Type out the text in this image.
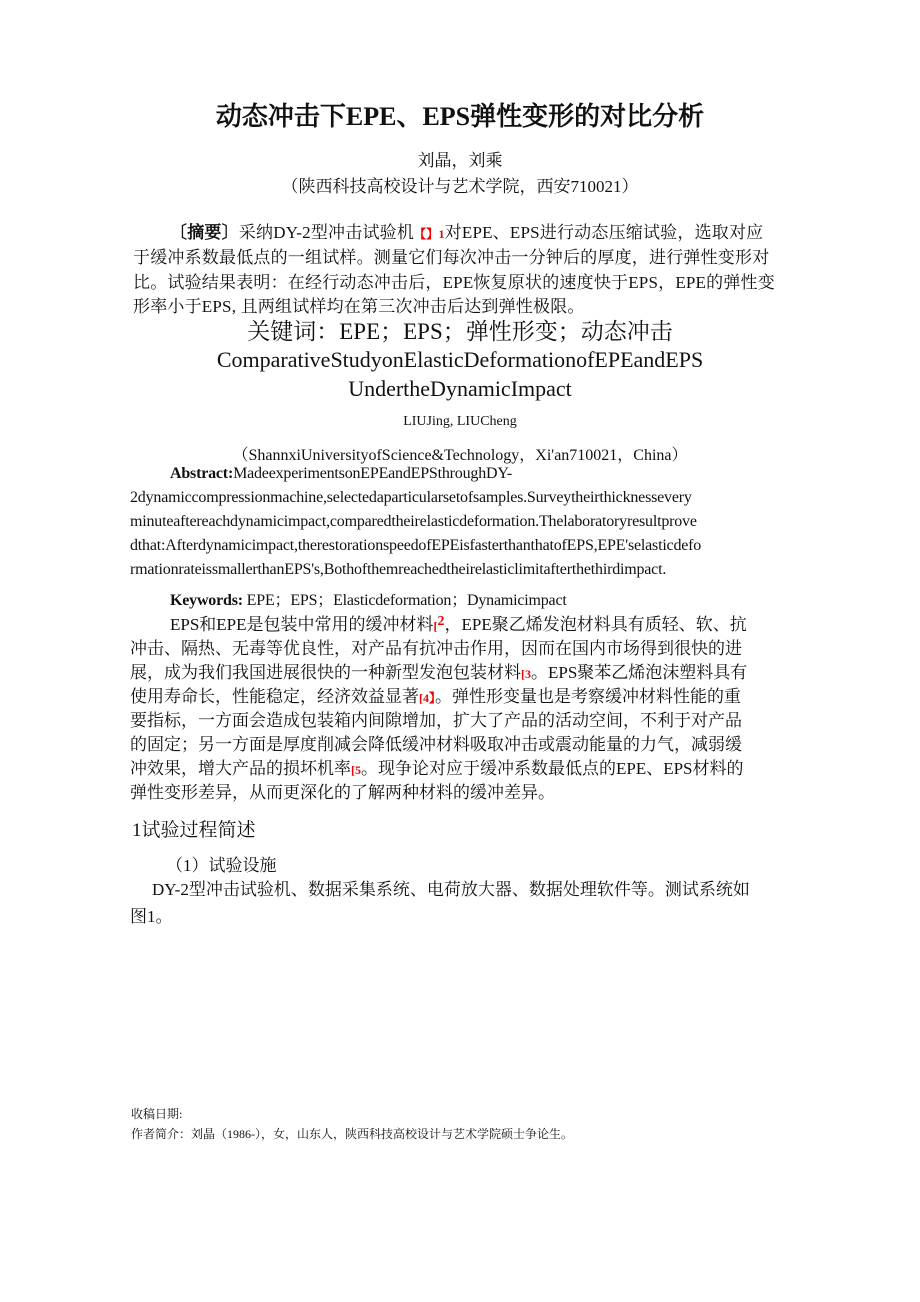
动态冲击下EPE、EPS弹性变形的对比分析
刘晶，刘乘
（陕西科技高校设计与艺术学院，西安710021）
〔摘要〕采纳DY-2型冲击试验机【】1对EPE、EPS进行动态压缩试验，选取对应
于缓冲系数最低点的一组试样。测量它们每次冲击一分钟后的厚度，进行弹性变形对
比。试验结果表明：在经行动态冲击后，EPE恢复原状的速度快于EPS，EPE的弹性变
形率小于EPS, 且两组试样均在第三次冲击后达到弹性极限。
关键词：EPE；EPS；弹性形变；动态冲击
ComparativeStudyonElasticDeformationofEPEandEPS
UndertheDynamicImpact
LIUJing, LIUCheng
（ShannxiUniversityofScience&Technology，Xi'an710021，China）
Abstract:MadeexperimentsonEPEandEPSthroughDY-
2dynamiccompressionmachine,selectedaparticularsetofsamples.Surveytheirthicknessevery
minuteaftereachdynamicimpact,comparedtheirelasticdeformation.Thelaboratoryresultprove
dthat:Afterdynamicimpact,therestorationspeedofEPEisfasterthanthatofEPS,EPE'selasticdefo
rmationrateissmallerthanEPS's,Bothofthemreachedtheirelasticlimitafterthethirdimpact.
Keywords: EPE；EPS；Elasticdeformation；Dynamicimpact
EPS和EPE是包装中常用的缓冲材料[2，EPE聚乙烯发泡材料具有质轻、软、抗
冲击、隔热、无毒等优良性，对产品有抗冲击作用，因而在国内市场得到很快的进
展，成为我们我国进展很快的一种新型发泡包装材料[3。EPS聚苯乙烯泡沫塑料具有
使用寿命长，性能稳定，经济效益显著[4】。弹性形变量也是考察缓冲材料性能的重
要指标，一方面会造成包装箱内间隙增加，扩大了产品的活动空间，不利于对产品
的固定；另一方面是厚度削减会降低缓冲材料吸取冲击或震动能量的力气，减弱缓
冲效果，增大产品的损坏机率[5。现争论对应于缓冲系数最低点的EPE、EPS材料的
弹性变形差异，从而更深化的了解两种材料的缓冲差异。
1试验过程简述
（1）试验设施
DY-2型冲击试验机、数据采集系统、电荷放大器、数据处理软件等。测试系统如
图1。
收稿日期:
作者简介：刘晶（1986-），女，山东人，陕西科技高校设计与艺术学院硕士争论生。
